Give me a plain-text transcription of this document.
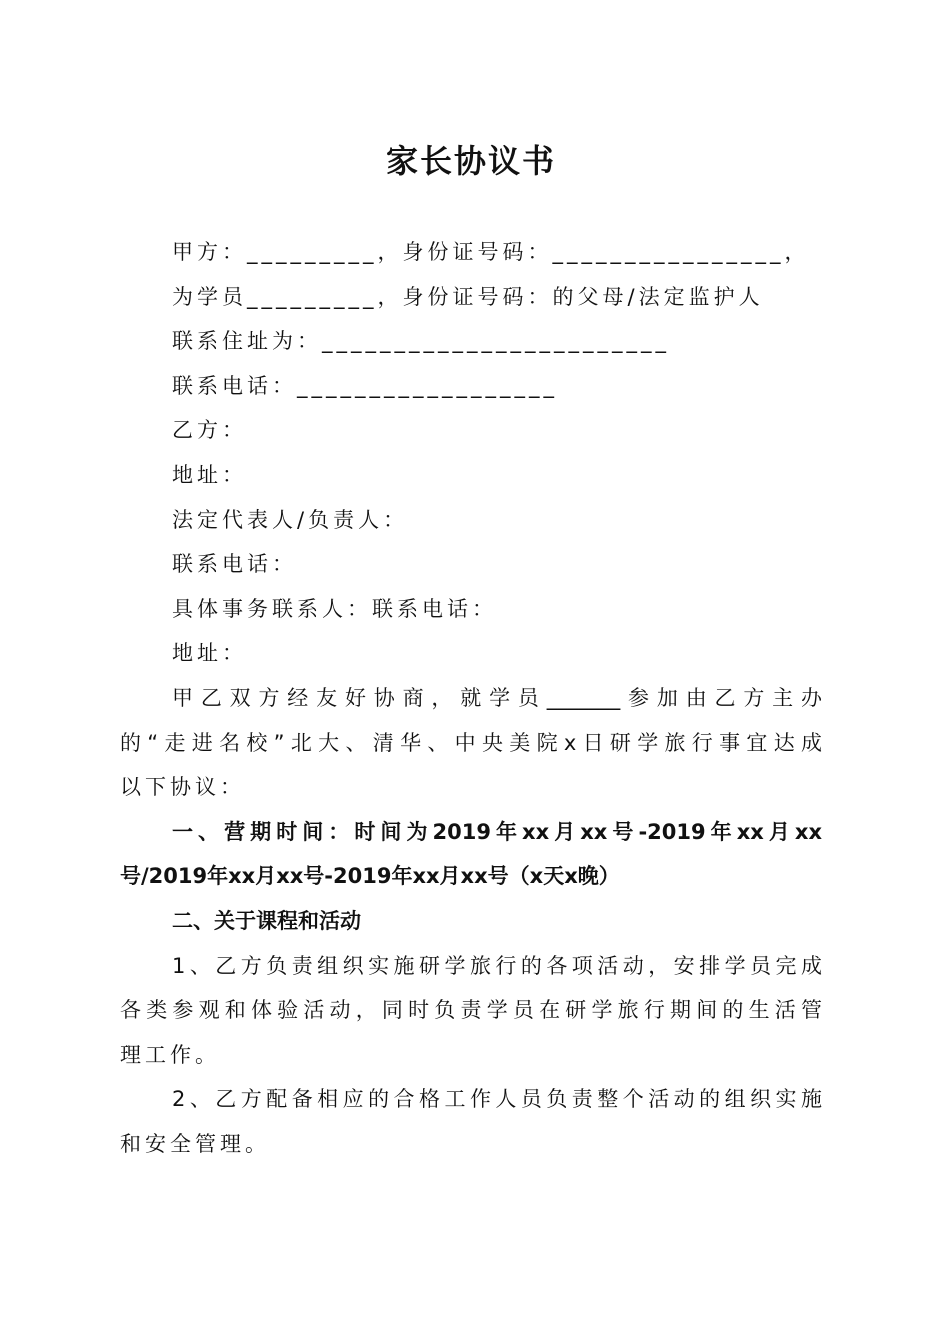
家长协议书
甲方：_________，身份证号码：________________，
为学员_________，身份证号码：的父母/法定监护人
联系住址为：________________________
联系电话：__________________
乙方：
地址：
法定代表人/负责人：
联系电话：
具体事务联系人：联系电话：
地址：
甲乙双方经友好协商，就学员_______参加由乙方主办
的“走进名校”北大、清华、中央美院x日研学旅行事宜达成
以下协议：
一、营期时间：时间为2019年xx月xx号-2019年xx月xx
号/2019年xx月xx号-2019年xx月xx号（x天x晚）
二、关于课程和活动
1、乙方负责组织实施研学旅行的各项活动，安排学员完成
各类参观和体验活动，同时负责学员在研学旅行期间的生活管
理工作。
2、乙方配备相应的合格工作人员负责整个活动的组织实施
和安全管理。
